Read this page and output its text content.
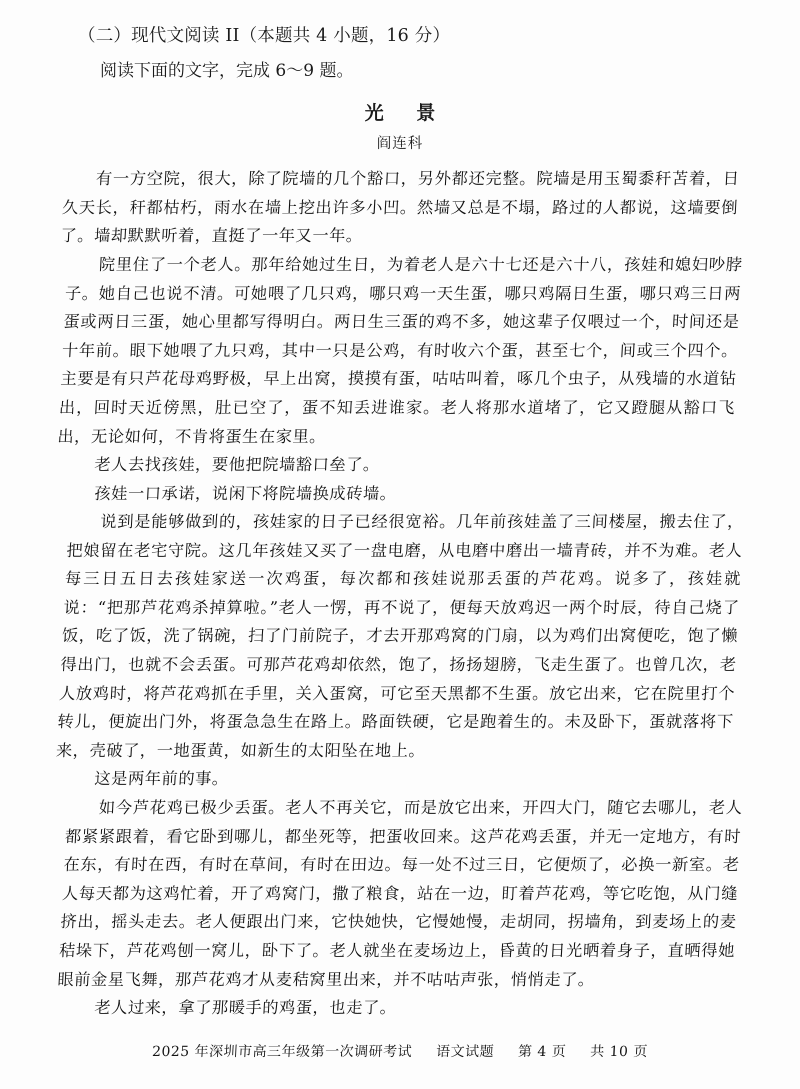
（二）现代文阅读 II（本题共 4 小题，16 分）
阅读下面的文字，完成 6～9 题。
光 景
阎连科

有一方空院，很大，除了院墙的几个豁口，另外都还完整。院墙是用玉蜀黍秆苫着，日久天长，秆都枯朽，雨水在墙上挖出许多小凹。然墙又总是不塌，路过的人都说，这墙要倒了。墙却默默听着，直挺了一年又一年。

院里住了一个老人。那年给她过生日，为着老人是六十七还是六十八，孩娃和媳妇吵脖子。她自己也说不清。可她喂了几只鸡，哪只鸡一天生蛋，哪只鸡隔日生蛋，哪只鸡三日两蛋或两日三蛋，她心里都写得明白。两日生三蛋的鸡不多，她这辈子仅喂过一个，时间还是十年前。眼下她喂了九只鸡，其中一只是公鸡，有时收六个蛋，甚至七个，间或三个四个。主要是有只芦花母鸡野极，早上出窝，摸摸有蛋，咕咕叫着，啄几个虫子，从残墙的水道钻出，回时天近傍黑，肚已空了，蛋不知丢进谁家。老人将那水道堵了，它又蹬腿从豁口飞出，无论如何，不肯将蛋生在家里。

老人去找孩娃，要他把院墙豁口垒了。

孩娃一口承诺，说闲下将院墙换成砖墙。

说到是能够做到的，孩娃家的日子已经很宽裕。几年前孩娃盖了三间楼屋，搬去住了，把娘留在老宅守院。这几年孩娃又买了一盘电磨，从电磨中磨出一墙青砖，并不为难。老人每三日五日去孩娃家送一次鸡蛋，每次都和孩娃说那丢蛋的芦花鸡。说多了，孩娃就说：“把那芦花鸡杀掉算啦。”老人一愣，再不说了，便每天放鸡迟一两个时辰，待自己烧了饭，吃了饭，洗了锅碗，扫了门前院子，才去开那鸡窝的门扇，以为鸡们出窝便吃，饱了懒得出门，也就不会丢蛋。可那芦花鸡却依然，饱了，扬扬翅膀，飞走生蛋了。也曾几次，老人放鸡时，将芦花鸡抓在手里，关入蛋窝，可它至天黑都不生蛋。放它出来，它在院里打个转儿，便旋出门外，将蛋急急生在路上。路面铁硬，它是跑着生的。未及卧下，蛋就落将下来，壳破了，一地蛋黄，如新生的太阳坠在地上。

这是两年前的事。

如今芦花鸡已极少丢蛋。老人不再关它，而是放它出来，开四大门，随它去哪儿，老人都紧紧跟着，看它卧到哪儿，都坐死等，把蛋收回来。这芦花鸡丢蛋，并无一定地方，有时在东，有时在西，有时在草间，有时在田边。每一处不过三日，它便烦了，必换一新室。老人每天都为这鸡忙着，开了鸡窝门，撒了粮食，站在一边，盯着芦花鸡，等它吃饱，从门缝挤出，摇头走去。老人便跟出门来，它快她快，它慢她慢，走胡同，拐墙角，到麦场上的麦秸垛下，芦花鸡刨一窝儿，卧下了。老人就坐在麦场边上，昏黄的日光晒着身子，直晒得她眼前金星飞舞，那芦花鸡才从麦秸窝里出来，并不咕咕声张，悄悄走了。

老人过来，拿了那暖手的鸡蛋，也走了。

2025 年深圳市高三年级第一次调研考试 语文试题 第 4 页 共 10 页
